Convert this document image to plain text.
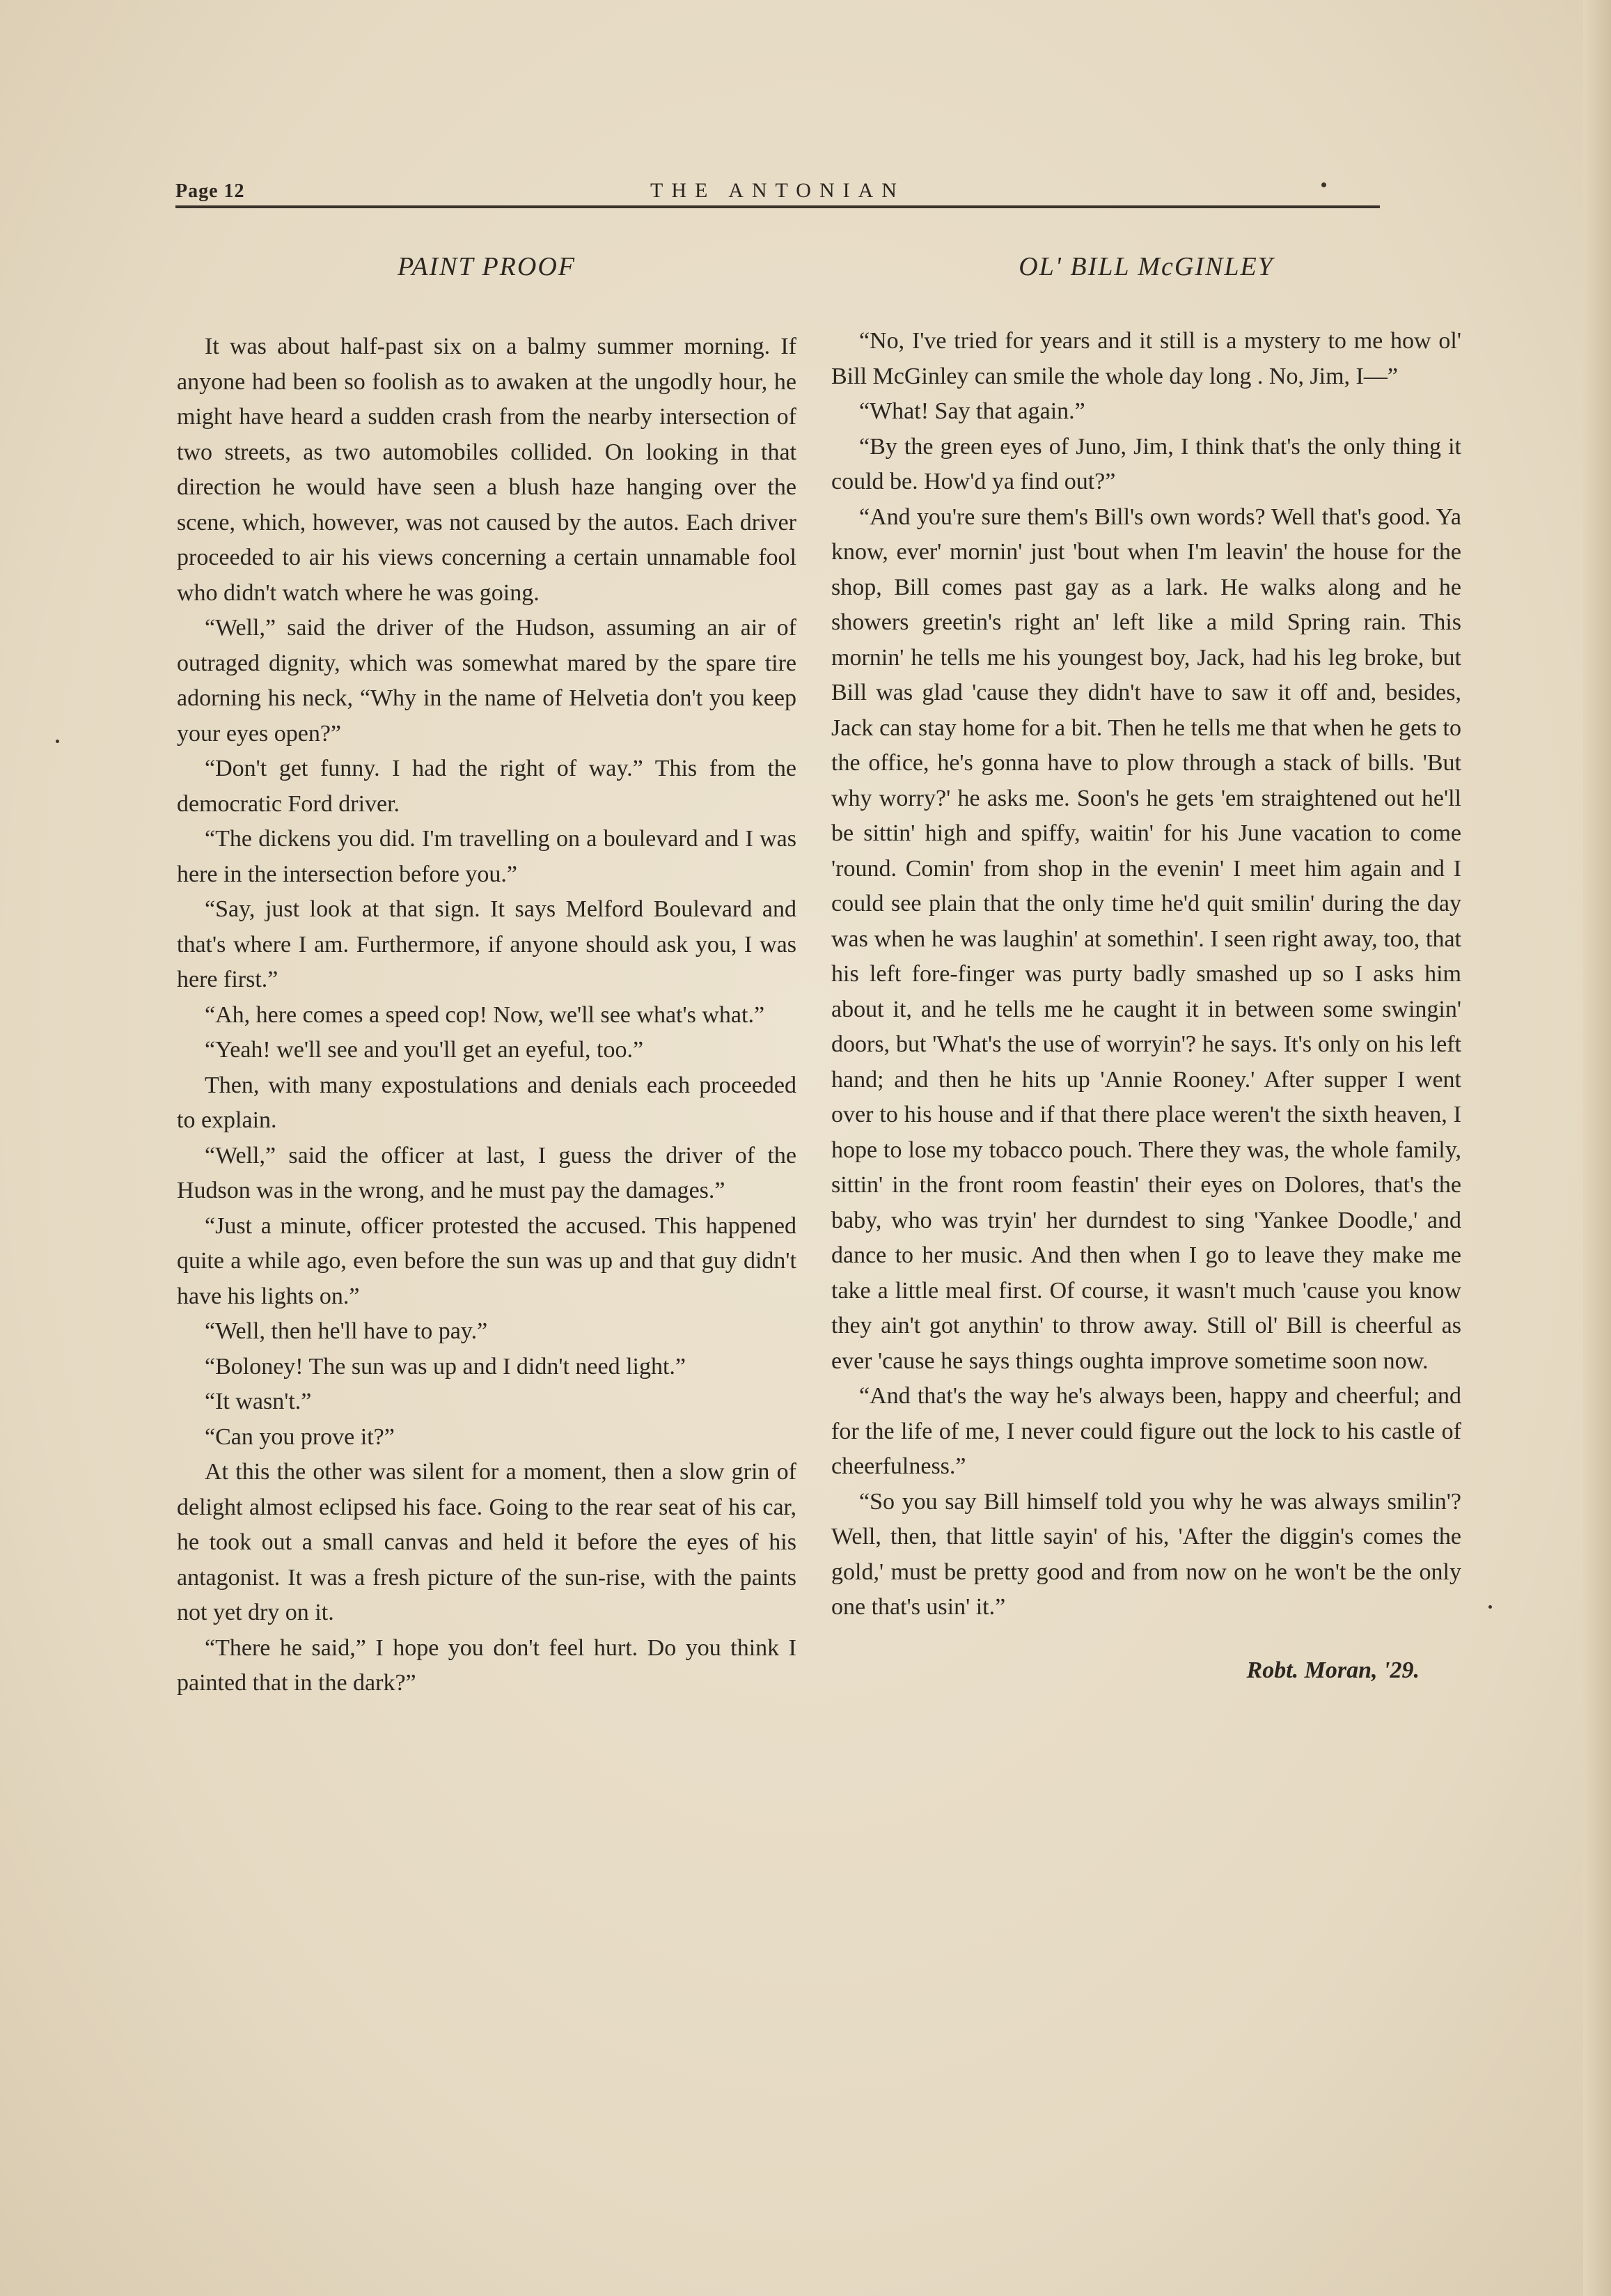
Page 12	THE ANTONIAN
PAINT PROOF

It was about half-past six on a balmy summer morning. If anyone had been so foolish as to awaken at the ungodly hour, he might have heard a sudden crash from the nearby intersection of two streets, as two automobiles collided. On looking in that direction he would have seen a blush haze hanging over the scene, which, however, was not caused by the autos. Each driver proceeded to air his views concerning a certain unnamable fool who didn't watch where he was going.

“Well,” said the driver of the Hudson, assuming an air of outraged dignity, which was somewhat mared by the spare tire adorning his neck, “Why in the name of Helvetia don't you keep your eyes open?”

“Don't get funny. I had the right of way.” This from the democratic Ford driver.

“The dickens you did. I'm travelling on a boulevard and I was here in the intersection before you.”

“Say, just look at that sign. It says Melford Boulevard and that's where I am. Furthermore, if anyone should ask you, I was here first.”

“Ah, here comes a speed cop! Now, we'll see what's what.”

“Yeah! we'll see and you'll get an eyeful, too.”

Then, with many expostulations and denials each proceeded to explain.

“Well,” said the officer at last, I guess the driver of the Hudson was in the wrong, and he must pay the damages.”

“Just a minute, officer protested the accused. This happened quite a while ago, even before the sun was up and that guy didn't have his lights on.”

“Well, then he'll have to pay.”

“Boloney! The sun was up and I didn't need light.”

“It wasn't.”

“Can you prove it?”

At this the other was silent for a moment, then a slow grin of delight almost eclipsed his face. Going to the rear seat of his car, he took out a small canvas and held it before the eyes of his antagonist. It was a fresh picture of the sun-rise, with the paints not yet dry on it.

“There he said,” I hope you don't feel hurt. Do you think I painted that in the dark?”

OL' BILL McGINLEY

“No, I've tried for years and it still is a mystery to me how ol' Bill McGinley can smile the whole day long . No, Jim, I—”

“What! Say that again.”

“By the green eyes of Juno, Jim, I think that's the only thing it could be. How'd ya find out?”

“And you're sure them's Bill's own words? Well that's good. Ya know, ever' mornin' just 'bout when I'm leavin' the house for the shop, Bill comes past gay as a lark. He walks along and he showers greetin's right an' left like a mild Spring rain. This mornin' he tells me his youngest boy, Jack, had his leg broke, but Bill was glad 'cause they didn't have to saw it off and, besides, Jack can stay home for a bit. Then he tells me that when he gets to the office, he's gonna have to plow through a stack of bills. 'But why worry?' he asks me. Soon's he gets 'em straightened out he'll be sittin' high and spiffy, waitin' for his June vacation to come 'round. Comin' from shop in the evenin' I meet him again and I could see plain that the only time he'd quit smilin' during the day was when he was laughin' at somethin'. I seen right away, too, that his left fore-finger was purty badly smashed up so I asks him about it, and he tells me he caught it in between some swingin' doors, but 'What's the use of worryin'? he says. It's only on his left hand; and then he hits up 'Annie Rooney.' After supper I went over to his house and if that there place weren't the sixth heaven, I hope to lose my tobacco pouch. There they was, the whole family, sittin' in the front room feastin' their eyes on Dolores, that's the baby, who was tryin' her durndest to sing 'Yankee Doodle,' and dance to her music. And then when I go to leave they make me take a little meal first. Of course, it wasn't much 'cause you know they ain't got anythin' to throw away. Still ol' Bill is cheerful as ever 'cause he says things oughta improve sometime soon now.

“And that's the way he's always been, happy and cheerful; and for the life of me, I never could figure out the lock to his castle of cheerfulness.”

“So you say Bill himself told you why he was always smilin'? Well, then, that little sayin' of his, 'After the diggin's comes the gold,' must be pretty good and from now on he won't be the only one that's usin' it.”

Robt. Moran, '29.
